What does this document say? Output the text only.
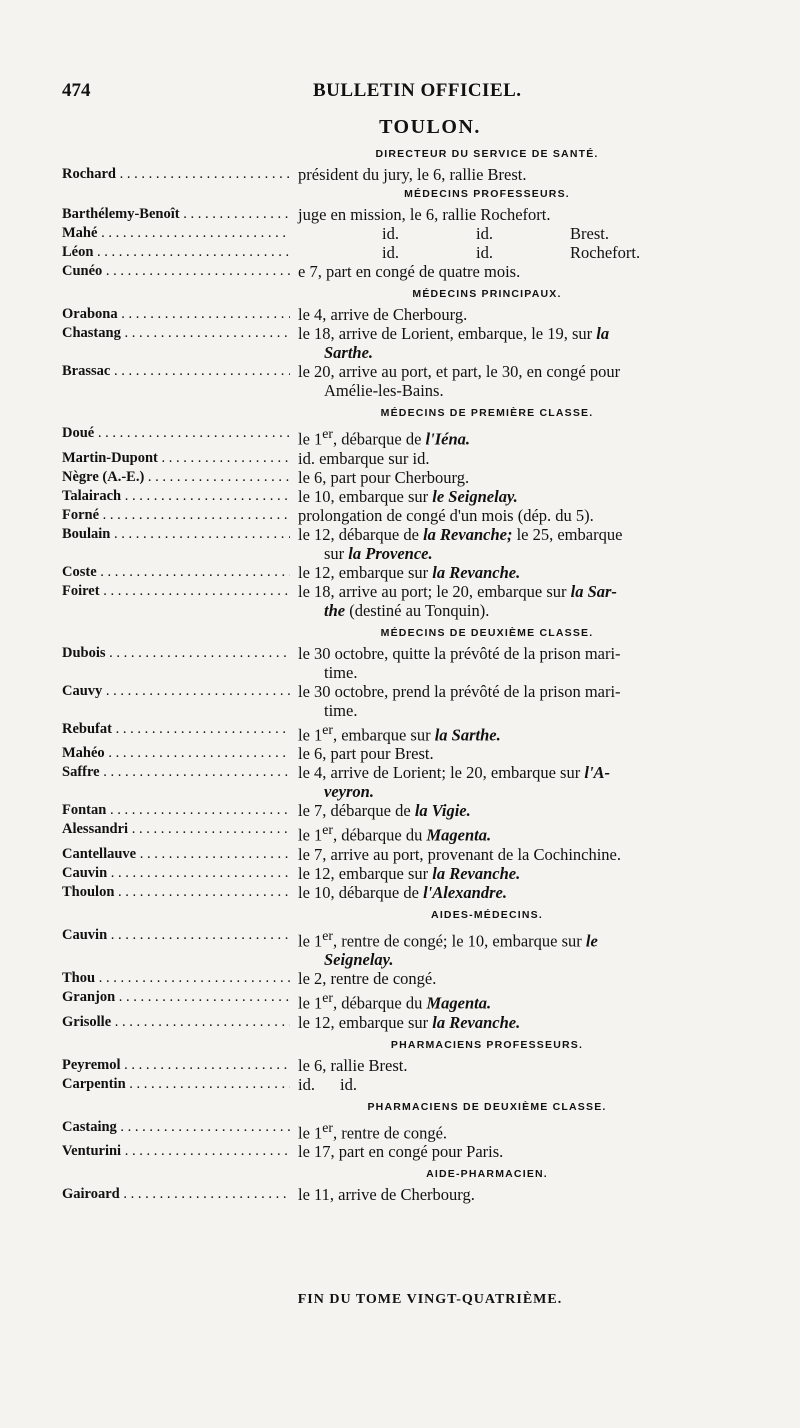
474	BULLETIN OFFICIEL.
TOULON.
DIRECTEUR DU SERVICE DE SANTÉ.
Rochard . . .	président du jury, le 6, rallie Brest.
MÉDECINS PROFESSEURS.
Barthélemy-Benoît . . .	juge en mission, le 6, rallie Rochefort.
Mahé . . .	id.	id.	Brest.
Léon . . .	id.	id.	Rochefort.
Cunéo . . .	e 7, part en congé de quatre mois.
MÉDECINS PRINCIPAUX.
Orabona . . .	le 4, arrive de Cherbourg.
Chastang . . .	le 18, arrive de Lorient, embarque, le 19, sur la
Sarthe.
Brassac . . .	le 20, arrive au port, et part, le 30, en congé pour
Amélie-les-Bains.
MÉDECINS DE PREMIÈRE CLASSE.
Doué . . .	le 1er, débarque de l'Iéna.
Martin-Dupont . . .	id. embarque sur id.
Nègre (A.-E.) . . .	le 6, part pour Cherbourg.
Talairach . . .	le 10, embarque sur le Seignelay.
Forné . . .	prolongation de congé d'un mois (dép. du 5).
Boulain . . .	le 12, débarque de la Revanche; le 25, embarque
sur la Provence.
Coste . . .	le 12, embarque sur la Revanche.
Foiret . . .	le 18, arrive au port; le 20, embarque sur la Sar-
the (destiné au Tonquin).
MÉDECINS DE DEUXIÈME CLASSE.
Dubois . . .	le 30 octobre, quitte la prévôté de la prison mari-
time.
Cauvy . . .	le 30 octobre, prend la prévôté de la prison mari-
time.
Rebufat . . .	le 1er, embarque sur la Sarthe.
Mahéo . . .	le 6, part pour Brest.
Saffre . . .	le 4, arrive de Lorient; le 20, embarque sur l'A-
veyron.
Fontan . . .	le 7, débarque de la Vigie.
Alessandri . . .	le 1er, débarque du Magenta.
Cantellauve . . .	le 7, arrive au port, provenant de la Cochinchine.
Cauvin . . .	le 12, embarque sur la Revanche.
Thoulon . . .	le 10, débarque de l'Alexandre.
AIDES-MÉDECINS.
Cauvin . . .	le 1er, rentre de congé; le 10, embarque sur le
Seignelay.
Thou . . .	le 2, rentre de congé.
Granjon . . .	le 1er, débarque du Magenta.
Grisolle . . .	le 12, embarque sur la Revanche.
PHARMACIENS PROFESSEURS.
Peyremol . . .	le 6, rallie Brest.
Carpentin . . .	id. id.
PHARMACIENS DE DEUXIÈME CLASSE.
Castaing . . .	le 1er, rentre de congé.
Venturini . . .	le 17, part en congé pour Paris.
AIDE-PHARMACIEN.
Gairoard . . .	le 11, arrive de Cherbourg.
FIN DU TOME VINGT-QUATRIÈME.
